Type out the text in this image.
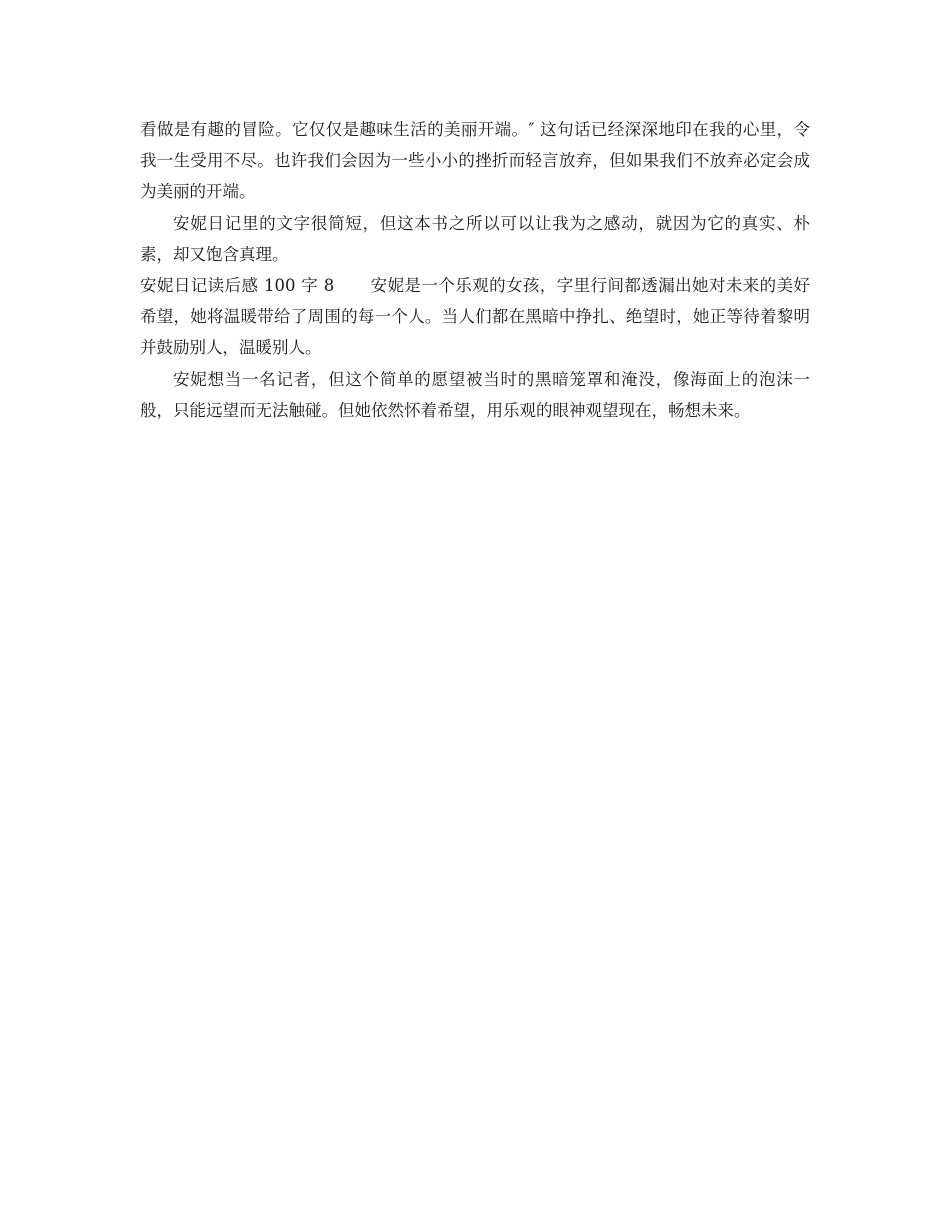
看做是有趣的冒险。它仅仅是趣味生活的美丽开端。″ 这句话已经深深地印在我的心里，令我一生受用不尽。也许我们会因为一些小小的挫折而轻言放弃，但如果我们不放弃必定会成为美丽的开端。

安妮日记里的文字很简短，但这本书之所以可以让我为之感动，就因为它的真实、朴素，却又饱含真理。

安妮日记读后感 100 字 8 安妮是一个乐观的女孩，字里行间都透漏出她对未来的美好希望，她将温暖带给了周围的每一个人。当人们都在黑暗中挣扎、绝望时，她正等待着黎明并鼓励别人，温暖别人。

安妮想当一名记者，但这个简单的愿望被当时的黑暗笼罩和淹没，像海面上的泡沫一般，只能远望而无法触碰。但她依然怀着希望，用乐观的眼神观望现在，畅想未来。
